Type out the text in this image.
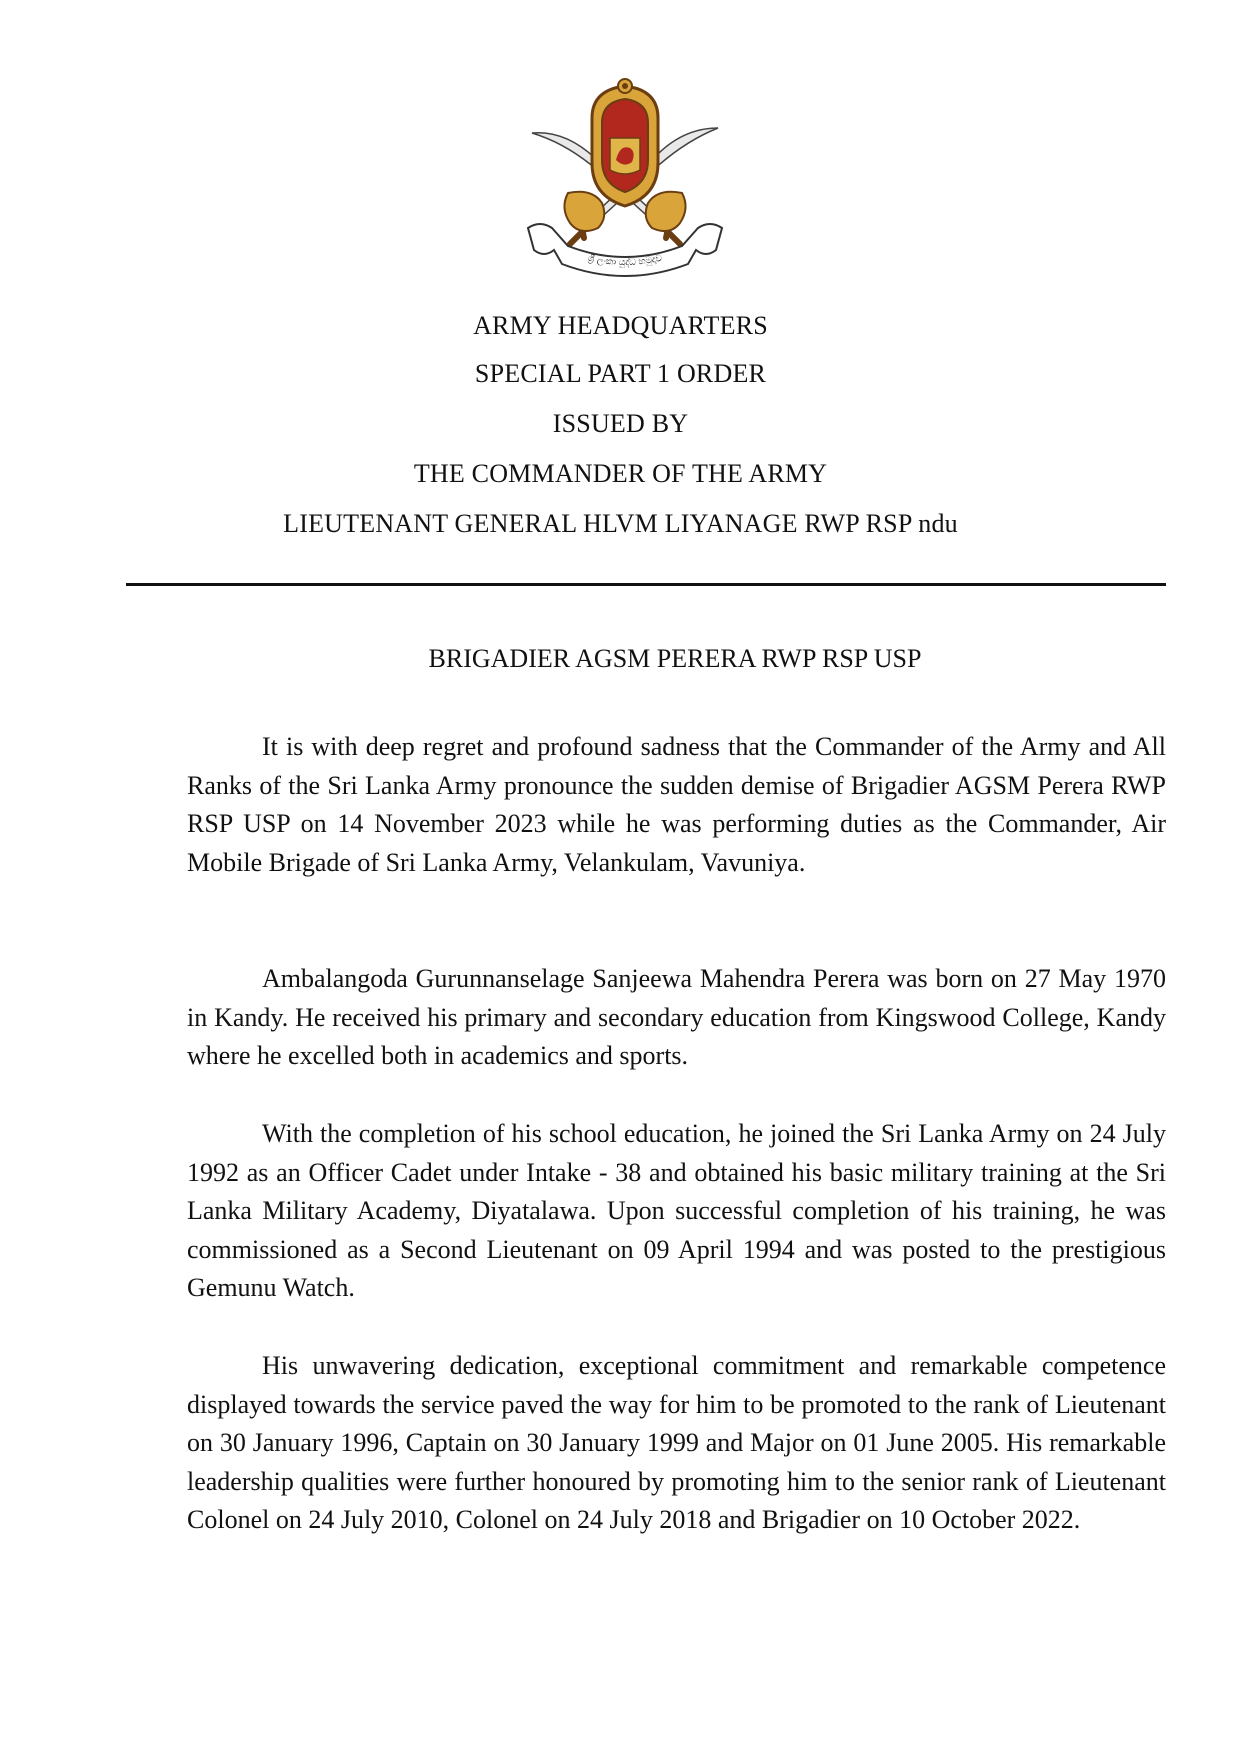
ශ්‍රී ලංකා යුද්ධ හමුදාව
ARMY HEADQUARTERS
SPECIAL PART 1 ORDER
ISSUED BY
THE COMMANDER OF THE ARMY
LIEUTENANT GENERAL HLVM LIYANAGE RWP RSP ndu
BRIGADIER AGSM PERERA RWP RSP USP

It is with deep regret and profound sadness that the Commander of the Army and All Ranks of the Sri Lanka Army pronounce the sudden demise of Brigadier AGSM Perera RWP RSP USP on 14 November 2023 while he was performing duties as the Commander, Air Mobile Brigade of Sri Lanka Army, Velankulam, Vavuniya.

Ambalangoda Gurunnanselage Sanjeewa Mahendra Perera was born on 27 May 1970 in Kandy. He received his primary and secondary education from Kingswood College, Kandy where he excelled both in academics and sports.

With the completion of his school education, he joined the Sri Lanka Army on 24 July 1992 as an Officer Cadet under Intake - 38 and obtained his basic military training at the Sri Lanka Military Academy, Diyatalawa. Upon successful completion of his training, he was commissioned as a Second Lieutenant on 09 April 1994 and was posted to the prestigious Gemunu Watch.

His unwavering dedication, exceptional commitment and remarkable competence displayed towards the service paved the way for him to be promoted to the rank of Lieutenant on 30 January 1996, Captain on 30 January 1999 and Major on 01 June 2005. His remarkable leadership qualities were further honoured by promoting him to the senior rank of Lieutenant Colonel on 24 July 2010, Colonel on 24 July 2018 and Brigadier on 10 October 2022.
